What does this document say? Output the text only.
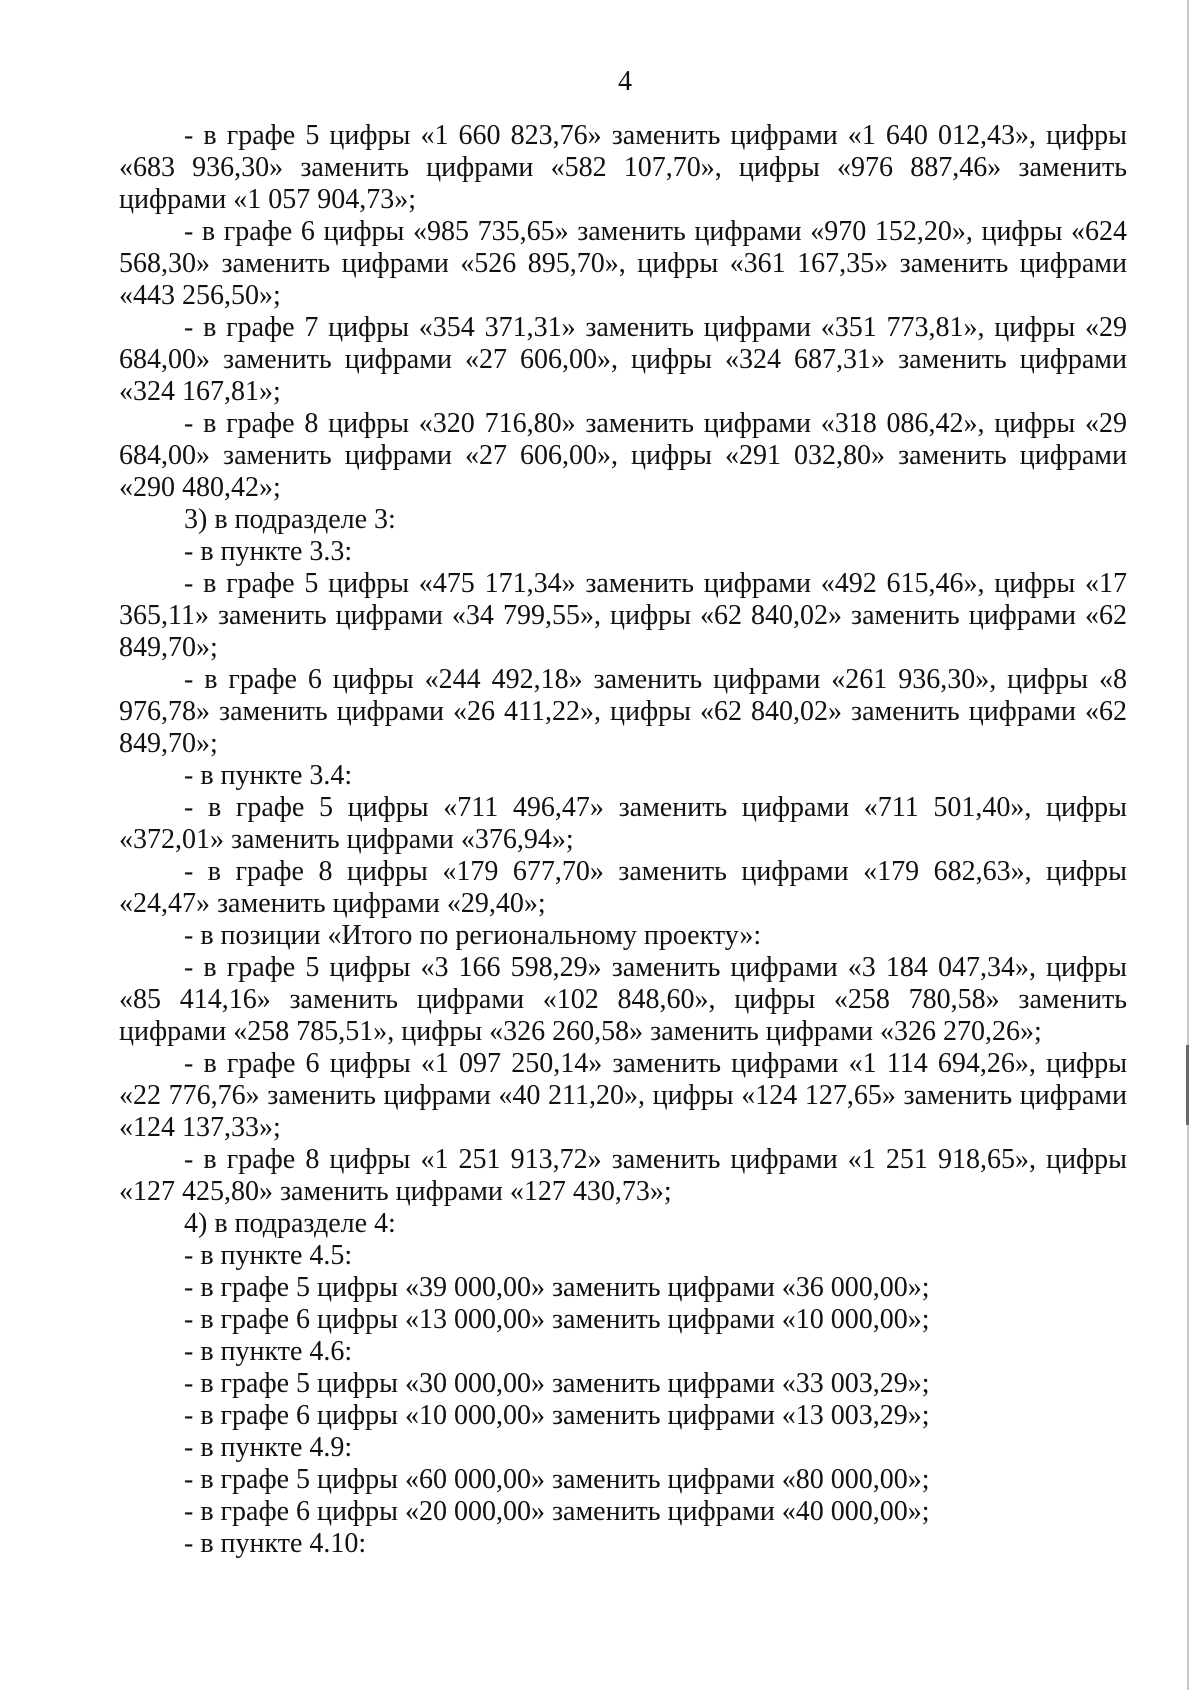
4

- в графе 5 цифры «1 660 823,76» заменить цифрами «1 640 012,43», цифры «683 936,30» заменить цифрами «582 107,70», цифры «976 887,46» заменить цифрами «1 057 904,73»;

- в графе 6 цифры «985 735,65» заменить цифрами «970 152,20», цифры «624 568,30» заменить цифрами «526 895,70», цифры «361 167,35» заменить цифрами «443 256,50»;

- в графе 7 цифры «354 371,31» заменить цифрами «351 773,81», цифры «29 684,00» заменить цифрами «27 606,00», цифры «324 687,31» заменить цифрами «324 167,81»;

- в графе 8 цифры «320 716,80» заменить цифрами «318 086,42», цифры «29 684,00» заменить цифрами «27 606,00», цифры «291 032,80» заменить цифрами «290 480,42»;

3) в подразделе 3:

- в пункте 3.3:

- в графе 5 цифры «475 171,34» заменить цифрами «492 615,46», цифры «17 365,11» заменить цифрами «34 799,55», цифры «62 840,02» заменить цифрами «62 849,70»;

- в графе 6 цифры «244 492,18» заменить цифрами «261 936,30», цифры «8 976,78» заменить цифрами «26 411,22», цифры «62 840,02» заменить цифрами «62 849,70»;

- в пункте 3.4:

- в графе 5 цифры «711 496,47» заменить цифрами «711 501,40», цифры «372,01» заменить цифрами «376,94»;

- в графе 8 цифры «179 677,70» заменить цифрами «179 682,63», цифры «24,47» заменить цифрами «29,40»;

- в позиции «Итого по региональному проекту»:

- в графе 5 цифры «3 166 598,29» заменить цифрами «3 184 047,34», цифры «85 414,16» заменить цифрами «102 848,60», цифры «258 780,58» заменить цифрами «258 785,51», цифры «326 260,58» заменить цифрами «326 270,26»;

- в графе 6 цифры «1 097 250,14» заменить цифрами «1 114 694,26», цифры «22 776,76» заменить цифрами «40 211,20», цифры «124 127,65» заменить цифрами «124 137,33»;

- в графе 8 цифры «1 251 913,72» заменить цифрами «1 251 918,65», цифры «127 425,80» заменить цифрами «127 430,73»;

4) в подразделе 4:

- в пункте 4.5:

- в графе 5 цифры «39 000,00» заменить цифрами «36 000,00»;

- в графе 6 цифры «13 000,00» заменить цифрами «10 000,00»;

- в пункте 4.6:

- в графе 5 цифры «30 000,00» заменить цифрами «33 003,29»;

- в графе 6 цифры «10 000,00» заменить цифрами «13 003,29»;

- в пункте 4.9:

- в графе 5 цифры «60 000,00» заменить цифрами «80 000,00»;

- в графе 6 цифры «20 000,00» заменить цифрами «40 000,00»;

- в пункте 4.10:
